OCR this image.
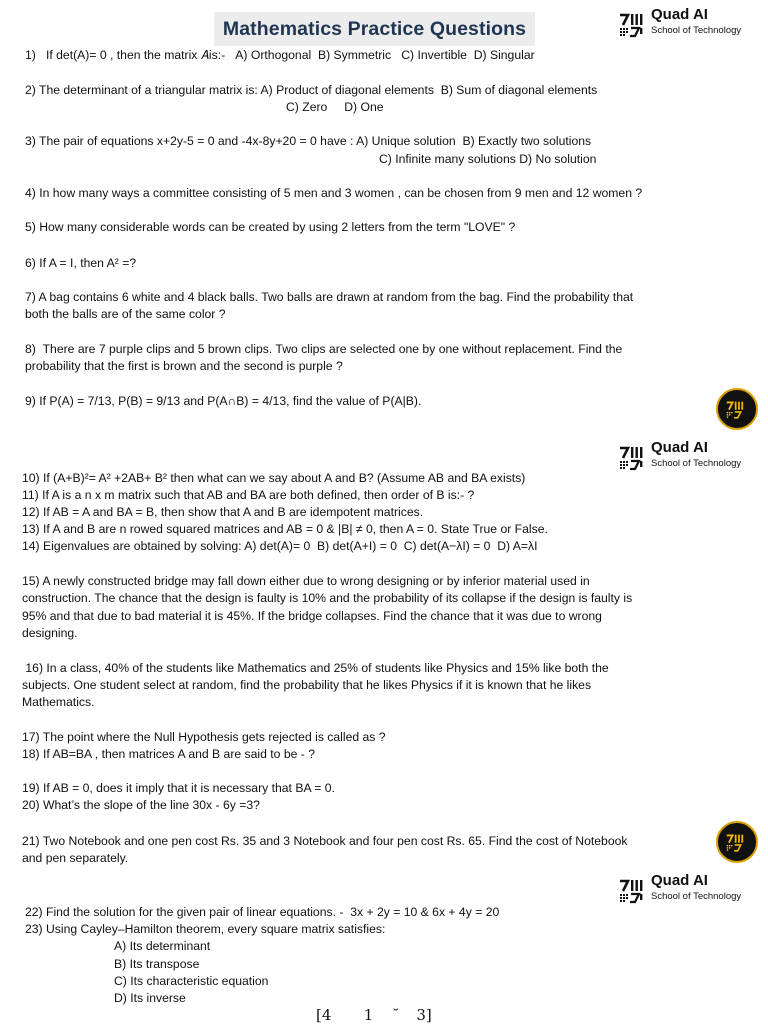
Mathematics Practice Questions
Quad AI
School of Technology
Quad AI
School of Technology
Quad AI
School of Technology
1)   If det(A)= 0 , then the matrix 𝐴is:-   A) Orthogonal  B) Symmetric   C) Invertible  D) Singular
2) The determinant of a triangular matrix is: A) Product of diagonal elements  B) Sum of diagonal elements
C) Zero     D) One
3) The pair of equations x+2y-5 = 0 and -4x-8y+20 = 0 have : A) Unique solution  B) Exactly two solutions
C) Infinite many solutions D) No solution
4) In how many ways a committee consisting of 5 men and 3 women , can be chosen from 9 men and 12 women ?
5) How many considerable words can be created by using 2 letters from the term "LOVE" ?
6) If A = I, then A² =?
7) A bag contains 6 white and 4 black balls. Two balls are drawn at random from the bag. Find the probability that
both the balls are of the same color ?
8)  There are 7 purple clips and 5 brown clips. Two clips are selected one by one without replacement. Find the
probability that the first is brown and the second is purple ?
9) If P(A) = 7/13, P(B) = 9/13 and P(A∩B) = 4/13, find the value of P(A|B).
10) If (A+B)²= A² +2AB+ B² then what can we say about A and B? (Assume AB and BA exists)
11) If A is a n x m matrix such that AB and BA are both defined, then order of B is:- ?
12) If AB = A and BA = B, then show that A and B are idempotent matrices.
13) If A and B are n rowed squared matrices and AB = 0 & |B| ≠ 0, then A = 0. State True or False.
14) Eigenvalues are obtained by solving: A) det(A)= 0  B) det(A+I) = 0  C) det(A−λI) = 0  D) A=λI
15) A newly constructed bridge may fall down either due to wrong designing or by inferior material used in
construction. The chance that the design is faulty is 10% and the probability of its collapse if the design is faulty is
95% and that due to bad material it is 45%. If the bridge collapses. Find the chance that it was due to wrong
designing.
16) In a class, 40% of the students like Mathematics and 25% of students like Physics and 15% like both the
subjects. One student select at random, find the probability that he likes Physics if it is known that he likes
Mathematics.
17) The point where the Null Hypothesis gets rejected is called as ?
18) If AB=BA , then matrices A and B are said to be - ?
19) If AB = 0, does it imply that it is necessary that BA = 0.
20) What’s the slope of the line 30x - 6y =3?
21) Two Notebook and one pen cost Rs. 35 and 3 Notebook and four pen cost Rs. 65. Find the cost of Notebook
and pen separately.
22) Find the solution for the given pair of linear equations. -  3x + 2y = 10 & 6x + 4y = 20
23) Using Cayley–Hamilton theorem, every square matrix satisfies:
A) Its determinant
B) Its transpose
C) Its characteristic equation
D) Its inverse
[4   1   ̆ 3]
